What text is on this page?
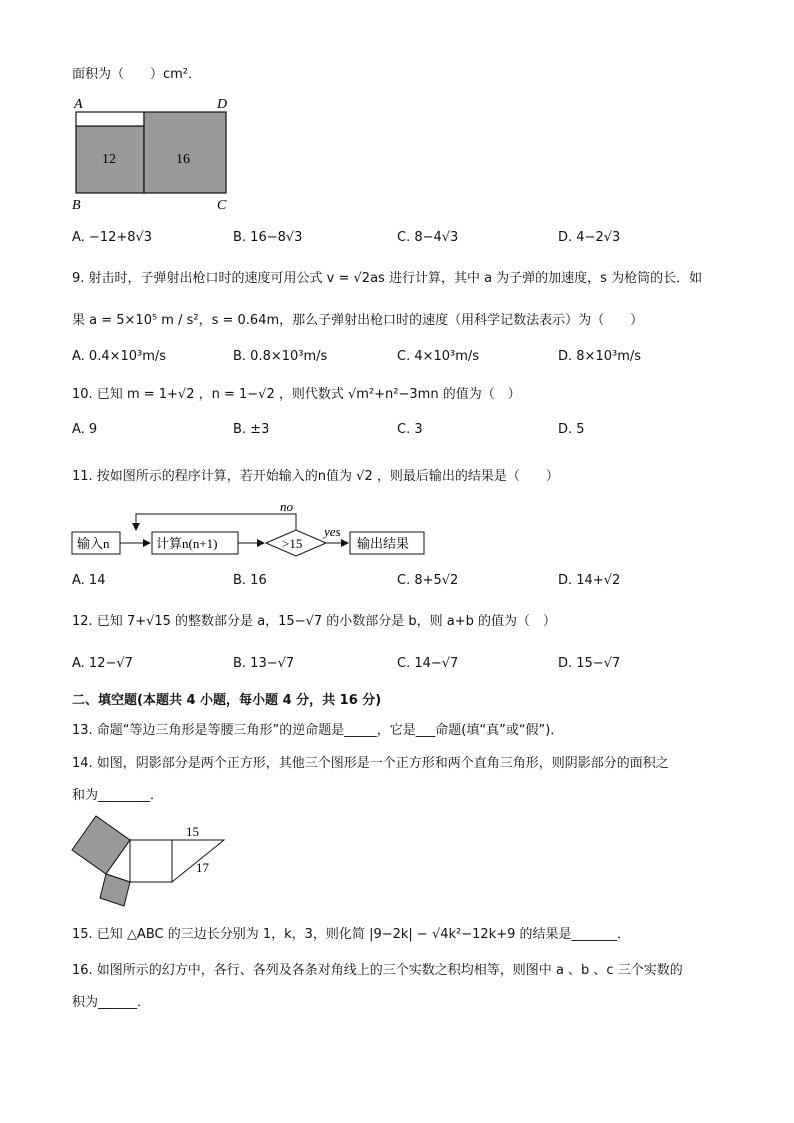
面积为（　　）cm²．
A	D
B	C
12	16
A. −12+8√3	B. 16−8√3	C. 8−4√3	D. 4−2√3
9. 射击时，子弹射出枪口时的速度可用公式 v = √2as 进行计算，其中 a 为子弹的加速度，s 为枪筒的长．如
果 a = 5×10⁵ m / s²，s = 0.64m，那么子弹射出枪口时的速度（用科学记数法表示）为（　　）
A. 0.4×10³m/s	B. 0.8×10³m/s	C. 4×10³m/s	D. 8×10³m/s
10. 已知 m = 1+√2 ，n = 1−√2 ，则代数式 √m²+n²−3mn 的值为（　）
A. 9	B. ±3	C. 3	D. 5
11. 按如图所示的程序计算，若开始输入的n值为 √2 ，则最后输出的结果是（　　）
输入n	计算n(n+1)	>15
no
yes
输出结果
A. 14	B. 16	C. 8+5√2	D. 14+√2
12. 已知 7+√15 的整数部分是 a，15−√7 的小数部分是 b，则 a+b 的值为（　）
A. 12−√7	B. 13−√7	C. 14−√7	D. 15−√7
二、填空题(本题共 4 小题，每小题 4 分，共 16 分)
13. 命题“等边三角形是等腰三角形”的逆命题是_____，它是___命题(填“真”或“假”)．
14. 如图，阴影部分是两个正方形，其他三个图形是一个正方形和两个直角三角形，则阴影部分的面积之
和为________．
15
17
15. 已知 △ABC 的三边长分别为 1，k，3，则化简 |9−2k| − √4k²−12k+9 的结果是_______．
16. 如图所示的幻方中，各行、各列及各条对角线上的三个实数之积均相等，则图中 a 、b 、c 三个实数的
积为______．
